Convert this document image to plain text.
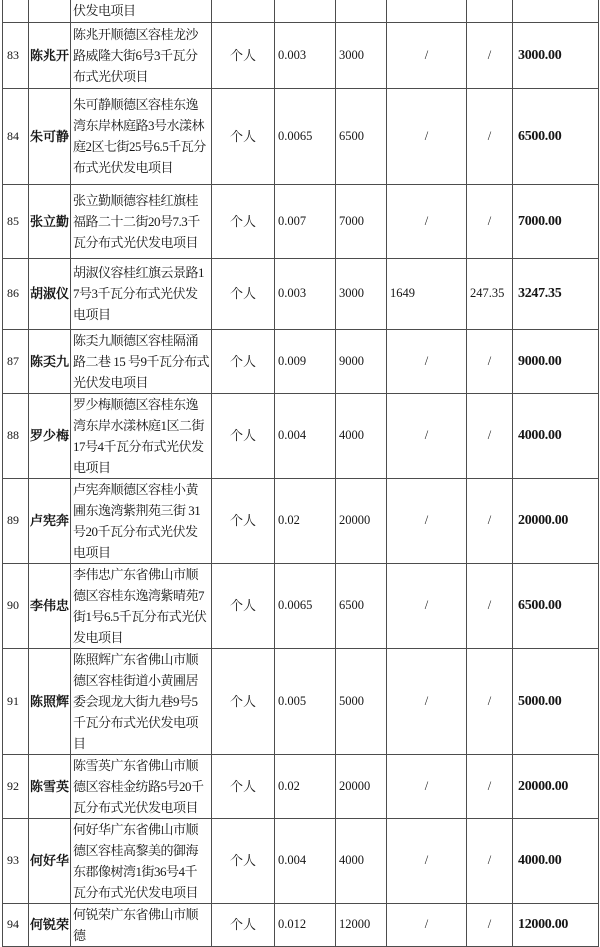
		伏发电项目						
83	陈兆开	陈兆开顺德区容桂龙沙路威隆大街6号3千瓦分布式光伏项目	个人	0.003	3000	/	/	3000.00
84	朱可静	朱可静顺德区容桂东逸湾东岸林庭路3号水漾林庭2区七街25号6.5千瓦分布式光伏发电项目	个人	0.0065	6500	/	/	6500.00
85	张立勤	张立勤顺德容桂红旗桂福路二十二街20号7.3千瓦分布式光伏发电项目	个人	0.007	7000	/	/	7000.00
86	胡淑仪	胡淑仪容桂红旗云景路17号3千瓦分布式光伏发电项目	个人	0.003	3000	1649	247.35	3247.35
87	陈奀九	陈奀九顺德区容桂隔涌路二巷 15 号9千瓦分布式光伏发电项目	个人	0.009	9000	/	/	9000.00
88	罗少梅	罗少梅顺德区容桂东逸湾东岸水漾林庭1区二街17号4千瓦分布式光伏发电项目	个人	0.004	4000	/	/	4000.00
89	卢宪奔	卢宪奔顺德区容桂小黄圃东逸湾紫荆苑三街 31 号20千瓦分布式光伏发电项目	个人	0.02	20000	/	/	20000.00
90	李伟忠	李伟忠广东省佛山市顺德区容桂东逸湾紫晴苑7街1号6.5千瓦分布式光伏发电项目	个人	0.0065	6500	/	/	6500.00
91	陈照辉	陈照辉广东省佛山市顺德区容桂街道小黄圃居委会现龙大街九巷9号5千瓦分布式光伏发电项目	个人	0.005	5000	/	/	5000.00
92	陈雪英	陈雪英广东省佛山市顺德区容桂金纺路5号20千瓦分布式光伏发电项目	个人	0.02	20000	/	/	20000.00
93	何好华	何好华广东省佛山市顺德区容桂高黎美的御海东郡像树湾1街36号4千瓦分布式光伏发电项目	个人	0.004	4000	/	/	4000.00
94	何锐荣	何锐荣广东省佛山市顺德	个人	0.012	12000	/	/	12000.00
